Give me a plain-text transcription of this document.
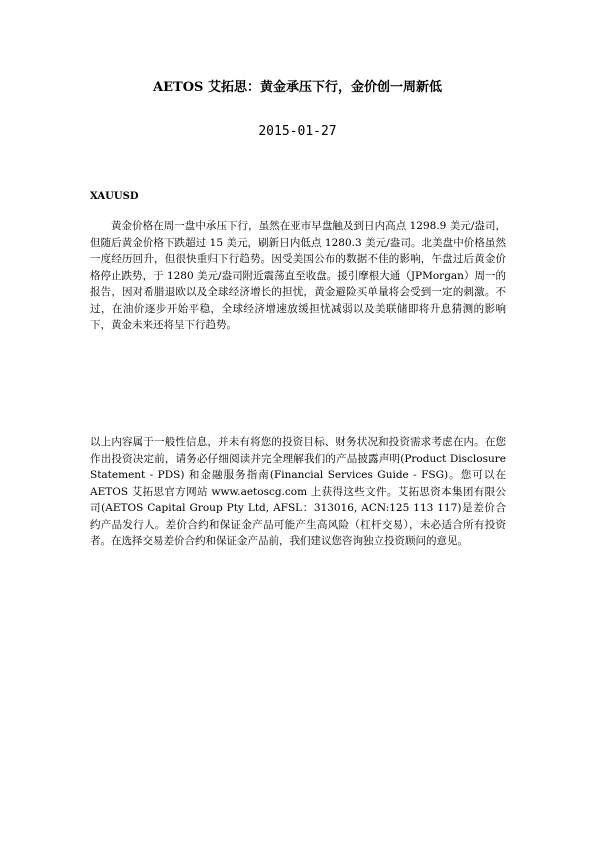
AETOS 艾拓思：黄金承压下行，金价创一周新低
2015-01-27
XAUUSD

黄金价格在周一盘中承压下行，虽然在亚市早盘触及到日内高点 1298.9 美元/盎司，但随后黄金价格下跌超过 15 美元，刷新日内低点 1280.3 美元/盎司。北美盘中价格虽然一度经历回升，但很快重归下行趋势。因受美国公布的数据不佳的影响，午盘过后黄金价格停止跌势，于 1280 美元/盎司附近震荡直至收盘。援引摩根大通（JPMorgan）周一的报告，因对希腊退欧以及全球经济增长的担忧，黄金避险买单量将会受到一定的刺激。不过，在油价逐步开始平稳，全球经济增速放缓担忧减弱以及美联储即将升息猜测的影响下，黄金未来还将呈下行趋势。

以上内容属于一般性信息，并未有将您的投资目标、财务状况和投资需求考虑在内。在您作出投资决定前，请务必仔细阅读并完全理解我们的产品披露声明(Product Disclosure Statement - PDS) 和金融服务指南(Financial Services Guide - FSG)。您可以在 AETOS 艾拓思官方网站 www.aetoscg.com 上获得这些文件。艾拓思资本集团有限公司(AETOS Capital Group Pty Ltd, AFSL：313016, ACN:125 113 117)是差价合约产品发行人。差价合约和保证金产品可能产生高风险（杠杆交易），未必适合所有投资者。在选择交易差价合约和保证金产品前，我们建议您咨询独立投资顾问的意见。
